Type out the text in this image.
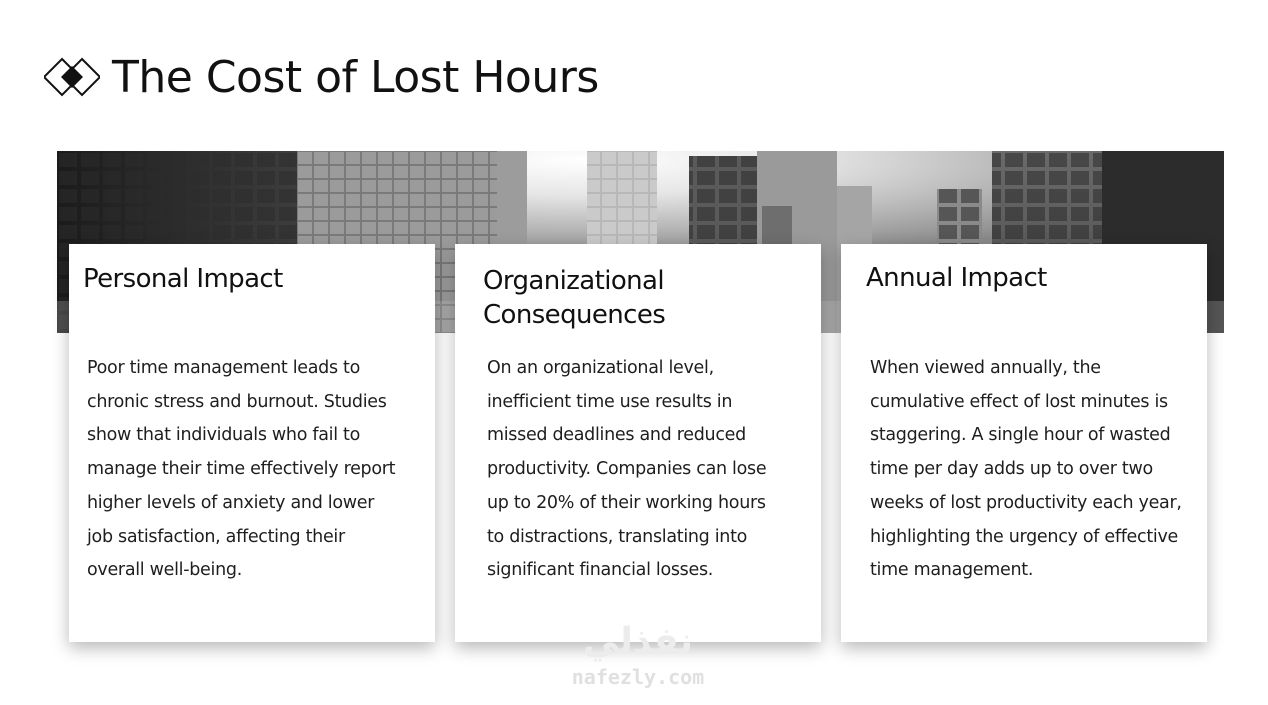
The Cost of Lost Hours
Personal Impact

Poor time management leads to chronic stress and burnout. Studies show that individuals who fail to manage their time effectively report higher levels of anxiety and lower job satisfaction, affecting their overall well-being.

Organizational Consequences

On an organizational level, inefficient time use results in missed deadlines and reduced productivity. Companies can lose up to 20% of their working hours to distractions, translating into significant financial losses.

Annual Impact

When viewed annually, the cumulative effect of lost minutes is staggering. A single hour of wasted time per day adds up to over two weeks of lost productivity each year, highlighting the urgency of effective time management.

نفذلي
nafezly.com
